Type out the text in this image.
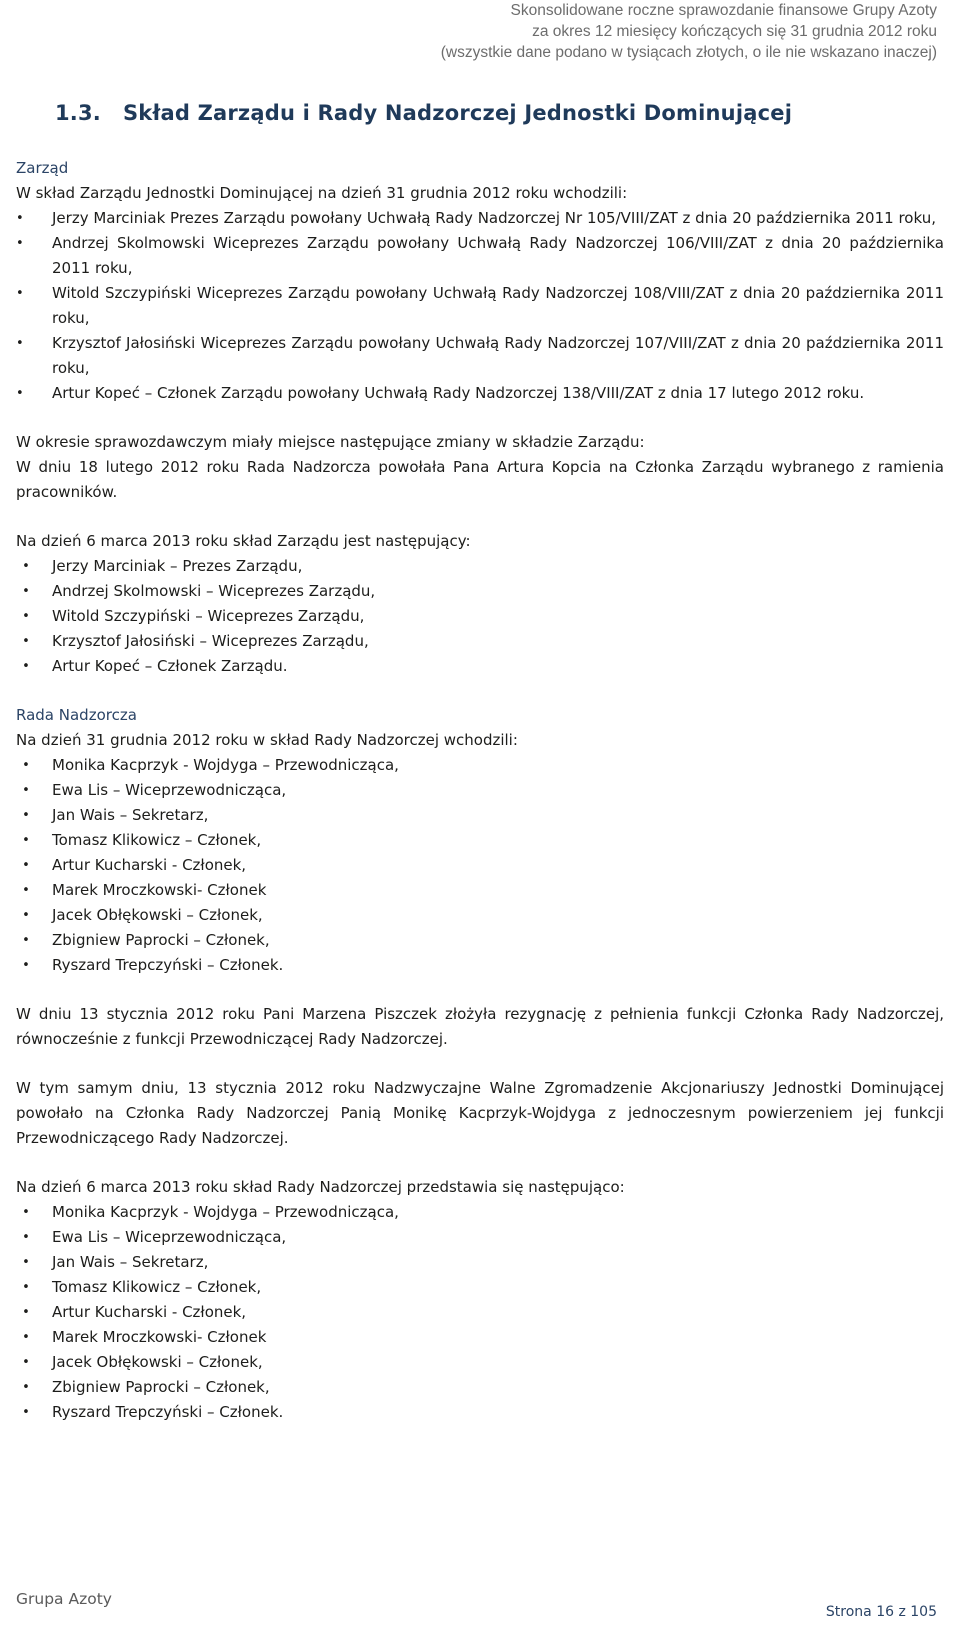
Skonsolidowane roczne sprawozdanie finansowe Grupy Azoty
za okres 12 miesięcy kończących się 31 grudnia 2012 roku
(wszystkie dane podano w tysiącach złotych, o ile nie wskazano inaczej)
1.3. Skład Zarządu i Rady Nadzorczej Jednostki Dominującej

Zarząd

W skład Zarządu Jednostki Dominującej na dzień 31 grudnia 2012 roku wchodzili:

•	Jerzy Marciniak Prezes Zarządu powołany Uchwałą Rady Nadzorczej Nr 105/VIII/ZAT z dnia 20 października 2011 roku,
•	Andrzej Skolmowski Wiceprezes Zarządu powołany Uchwałą Rady Nadzorczej 106/VIII/ZAT z dnia 20 października 2011 roku,
•	Witold Szczypiński Wiceprezes Zarządu powołany Uchwałą Rady Nadzorczej 108/VIII/ZAT z dnia 20 października 2011 roku,
•	Krzysztof Jałosiński Wiceprezes Zarządu powołany Uchwałą Rady Nadzorczej 107/VIII/ZAT z dnia 20 października 2011 roku,
•	Artur Kopeć – Członek Zarządu powołany Uchwałą Rady Nadzorczej 138/VIII/ZAT z dnia 17 lutego 2012 roku.

W okresie sprawozdawczym miały miejsce następujące zmiany w składzie Zarządu:

W dniu 18 lutego 2012 roku Rada Nadzorcza powołała Pana Artura Kopcia na Członka Zarządu wybranego z ramienia pracowników.

Na dzień 6 marca 2013 roku skład Zarządu jest następujący:

•	Jerzy Marciniak – Prezes Zarządu,
•	Andrzej Skolmowski – Wiceprezes Zarządu,
•	Witold Szczypiński – Wiceprezes Zarządu,
•	Krzysztof Jałosiński – Wiceprezes Zarządu,
•	Artur Kopeć – Członek Zarządu.

Rada Nadzorcza

Na dzień 31 grudnia 2012 roku w skład Rady Nadzorczej wchodzili:

•	Monika Kacprzyk - Wojdyga – Przewodnicząca,
•	Ewa Lis – Wiceprzewodnicząca,
•	Jan Wais – Sekretarz,
•	Tomasz Klikowicz – Członek,
•	Artur Kucharski - Członek,
•	Marek Mroczkowski- Członek
•	Jacek Obłękowski – Członek,
•	Zbigniew Paprocki – Członek,
•	Ryszard Trepczyński – Członek.

W dniu 13 stycznia 2012 roku Pani Marzena Piszczek złożyła rezygnację z pełnienia funkcji Członka Rady Nadzorczej, równocześnie z funkcji Przewodniczącej Rady Nadzorczej.

W tym samym dniu, 13 stycznia 2012 roku Nadzwyczajne Walne Zgromadzenie Akcjonariuszy Jednostki Dominującej powołało na Członka Rady Nadzorczej Panią Monikę Kacprzyk-Wojdyga z jednoczesnym powierzeniem jej funkcji Przewodniczącego Rady Nadzorczej.

Na dzień 6 marca 2013 roku skład Rady Nadzorczej przedstawia się następująco:

•	Monika Kacprzyk - Wojdyga – Przewodnicząca,
•	Ewa Lis – Wiceprzewodnicząca,
•	Jan Wais – Sekretarz,
•	Tomasz Klikowicz – Członek,
•	Artur Kucharski - Członek,
•	Marek Mroczkowski- Członek
•	Jacek Obłękowski – Członek,
•	Zbigniew Paprocki – Członek,
•	Ryszard Trepczyński – Członek.
Grupa Azoty
Strona 16 z 105
